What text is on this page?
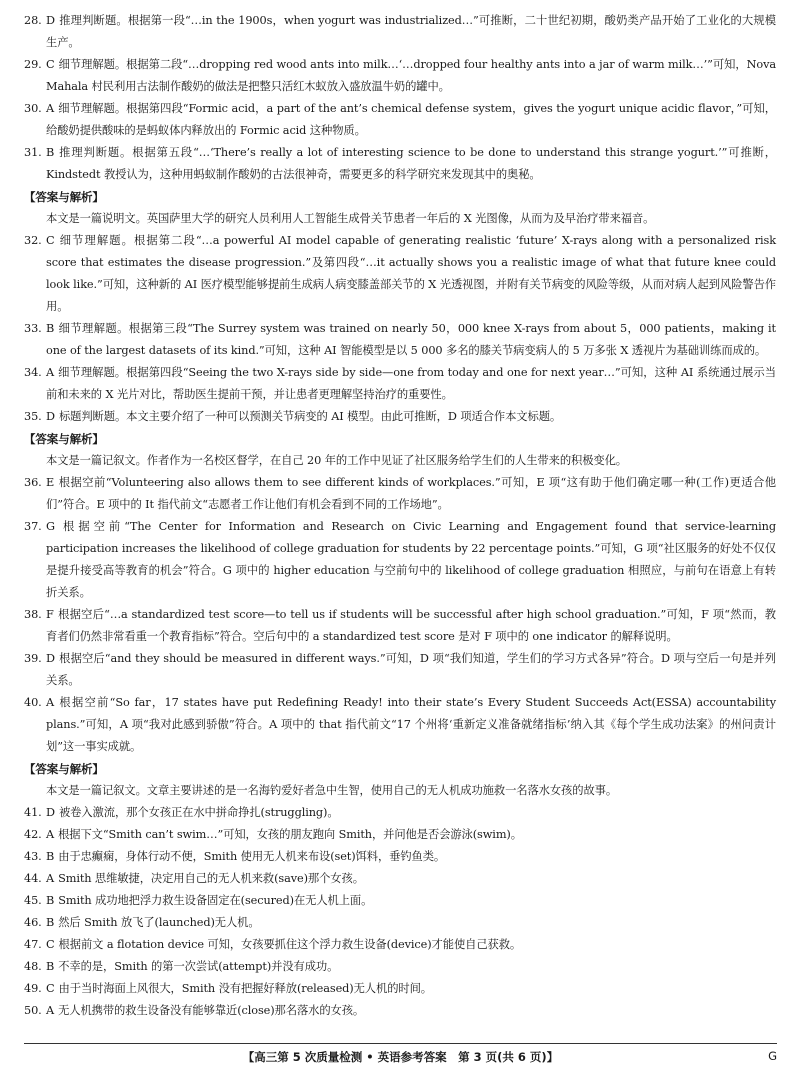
28. D 推理判断题。根据第一段“…in the 1900s，when yogurt was industrialized…”可推断，二十世纪初期，酸奶类产品开始了工业化的大规模生产。
29. C 细节理解题。根据第二段“…dropping red wood ants into milk…‘…dropped four healthy ants into a jar of warm milk…’”可知，Nova Mahala 村民利用古法制作酸奶的做法是把整只活红木蚁放入盛放温牛奶的罐中。
30. A 细节理解题。根据第四段“Formic acid，a part of the ant’s chemical defense system，gives the yogurt unique acidic flavor，”可知，给酸奶提供酸味的是蚂蚁体内释放出的 Formic acid 这种物质。
31. B 推理判断题。根据第五段“…‘There’s really a lot of interesting science to be done to understand this strange yogurt.’”可推断，Kindstedt 教授认为，这种用蚂蚁制作酸奶的古法很神奇，需要更多的科学研究来发现其中的奥秘。
【答案与解析】
本文是一篇说明文。英国萨里大学的研究人员利用人工智能生成骨关节患者一年后的 X 光图像，从而为及早治疗带来福音。
32. C 细节理解题。根据第二段“…a powerful AI model capable of generating realistic ‘future’ X-rays along with a personalized risk score that estimates the disease progression.”及第四段“…it actually shows you a realistic image of what that future knee could look like.”可知，这种新的 AI 医疗模型能够提前生成病人病变膝盖部关节的 X 光透视图，并附有关节病变的风险等级，从而对病人起到风险警告作用。
33. B 细节理解题。根据第三段“The Surrey system was trained on nearly 50，000 knee X-rays from about 5，000 patients，making it one of the largest datasets of its kind.”可知，这种 AI 智能模型是以 5 000 多名的膝关节病变病人的 5 万多张 X 透视片为基础训练而成的。
34. A 细节理解题。根据第四段“Seeing the two X-rays side by side—one from today and one for next year…”可知，这种 AI 系统通过展示当前和未来的 X 光片对比，帮助医生提前干预，并让患者更理解坚持治疗的重要性。
35. D 标题判断题。本文主要介绍了一种可以预测关节病变的 AI 模型。由此可推断，D 项适合作本文标题。
【答案与解析】
本文是一篇记叙文。作者作为一名校区督学，在自己 20 年的工作中见证了社区服务给学生们的人生带来的积极变化。
36. E 根据空前“Volunteering also allows them to see different kinds of workplaces.”可知，E 项“这有助于他们确定哪一种(工作)更适合他们”符合。E 项中的 It 指代前文“志愿者工作让他们有机会看到不同的工作场地”。
37. G 根据空前“The Center for Information and Research on Civic Learning and Engagement found that service-learning participation increases the likelihood of college graduation for students by 22 percentage points.”可知，G 项“社区服务的好处不仅仅是提升接受高等教育的机会”符合。G 项中的 higher education 与空前句中的 likelihood of college graduation 相照应，与前句在语意上有转折关系。
38. F 根据空后“…a standardized test score—to tell us if students will be successful after high school graduation.”可知，F 项“然而，教育者们仍然非常看重一个教育指标”符合。空后句中的 a standardized test score 是对 F 项中的 one indicator 的解释说明。
39. D 根据空后“and they should be measured in different ways.”可知，D 项“我们知道，学生们的学习方式各异”符合。D 项与空后一句是并列关系。
40. A 根据空前“So far，17 states have put Redefining Ready! into their state’s Every Student Succeeds Act(ESSA) accountability plans.”可知，A 项“我对此感到骄傲”符合。A 项中的 that 指代前文“17 个州将‘重新定义准备就绪指标’纳入其《每个学生成功法案》的州问责计划”这一事实成就。
【答案与解析】
本文是一篇记叙文。文章主要讲述的是一名海钓爱好者急中生智，使用自己的无人机成功施救一名落水女孩的故事。
41. D 被卷入激流，那个女孩正在水中拼命挣扎(struggling)。
42. A 根据下文“Smith can’t swim…”可知，女孩的朋友跑向 Smith，并问他是否会游泳(swim)。
43. B 由于忠癫痫，身体行动不便，Smith 使用无人机来布设(set)饵料，垂钓鱼类。
44. A Smith 思维敏捷，决定用自己的无人机来救(save)那个女孩。
45. B Smith 成功地把浮力救生设备固定在(secured)在无人机上面。
46. B 然后 Smith 放飞了(launched)无人机。
47. C 根据前文 a flotation device 可知，女孩要抓住这个浮力救生设备(device)才能使自己获救。
48. B 不幸的是，Smith 的第一次尝试(attempt)并没有成功。
49. C 由于当时海面上风很大，Smith 没有把握好释放(released)无人机的时间。
50. A 无人机携带的救生设备没有能够靠近(close)那名落水的女孩。
【高三第 5 次质量检测 • 英语参考答案　第 3 页(共 6 页)】	G
